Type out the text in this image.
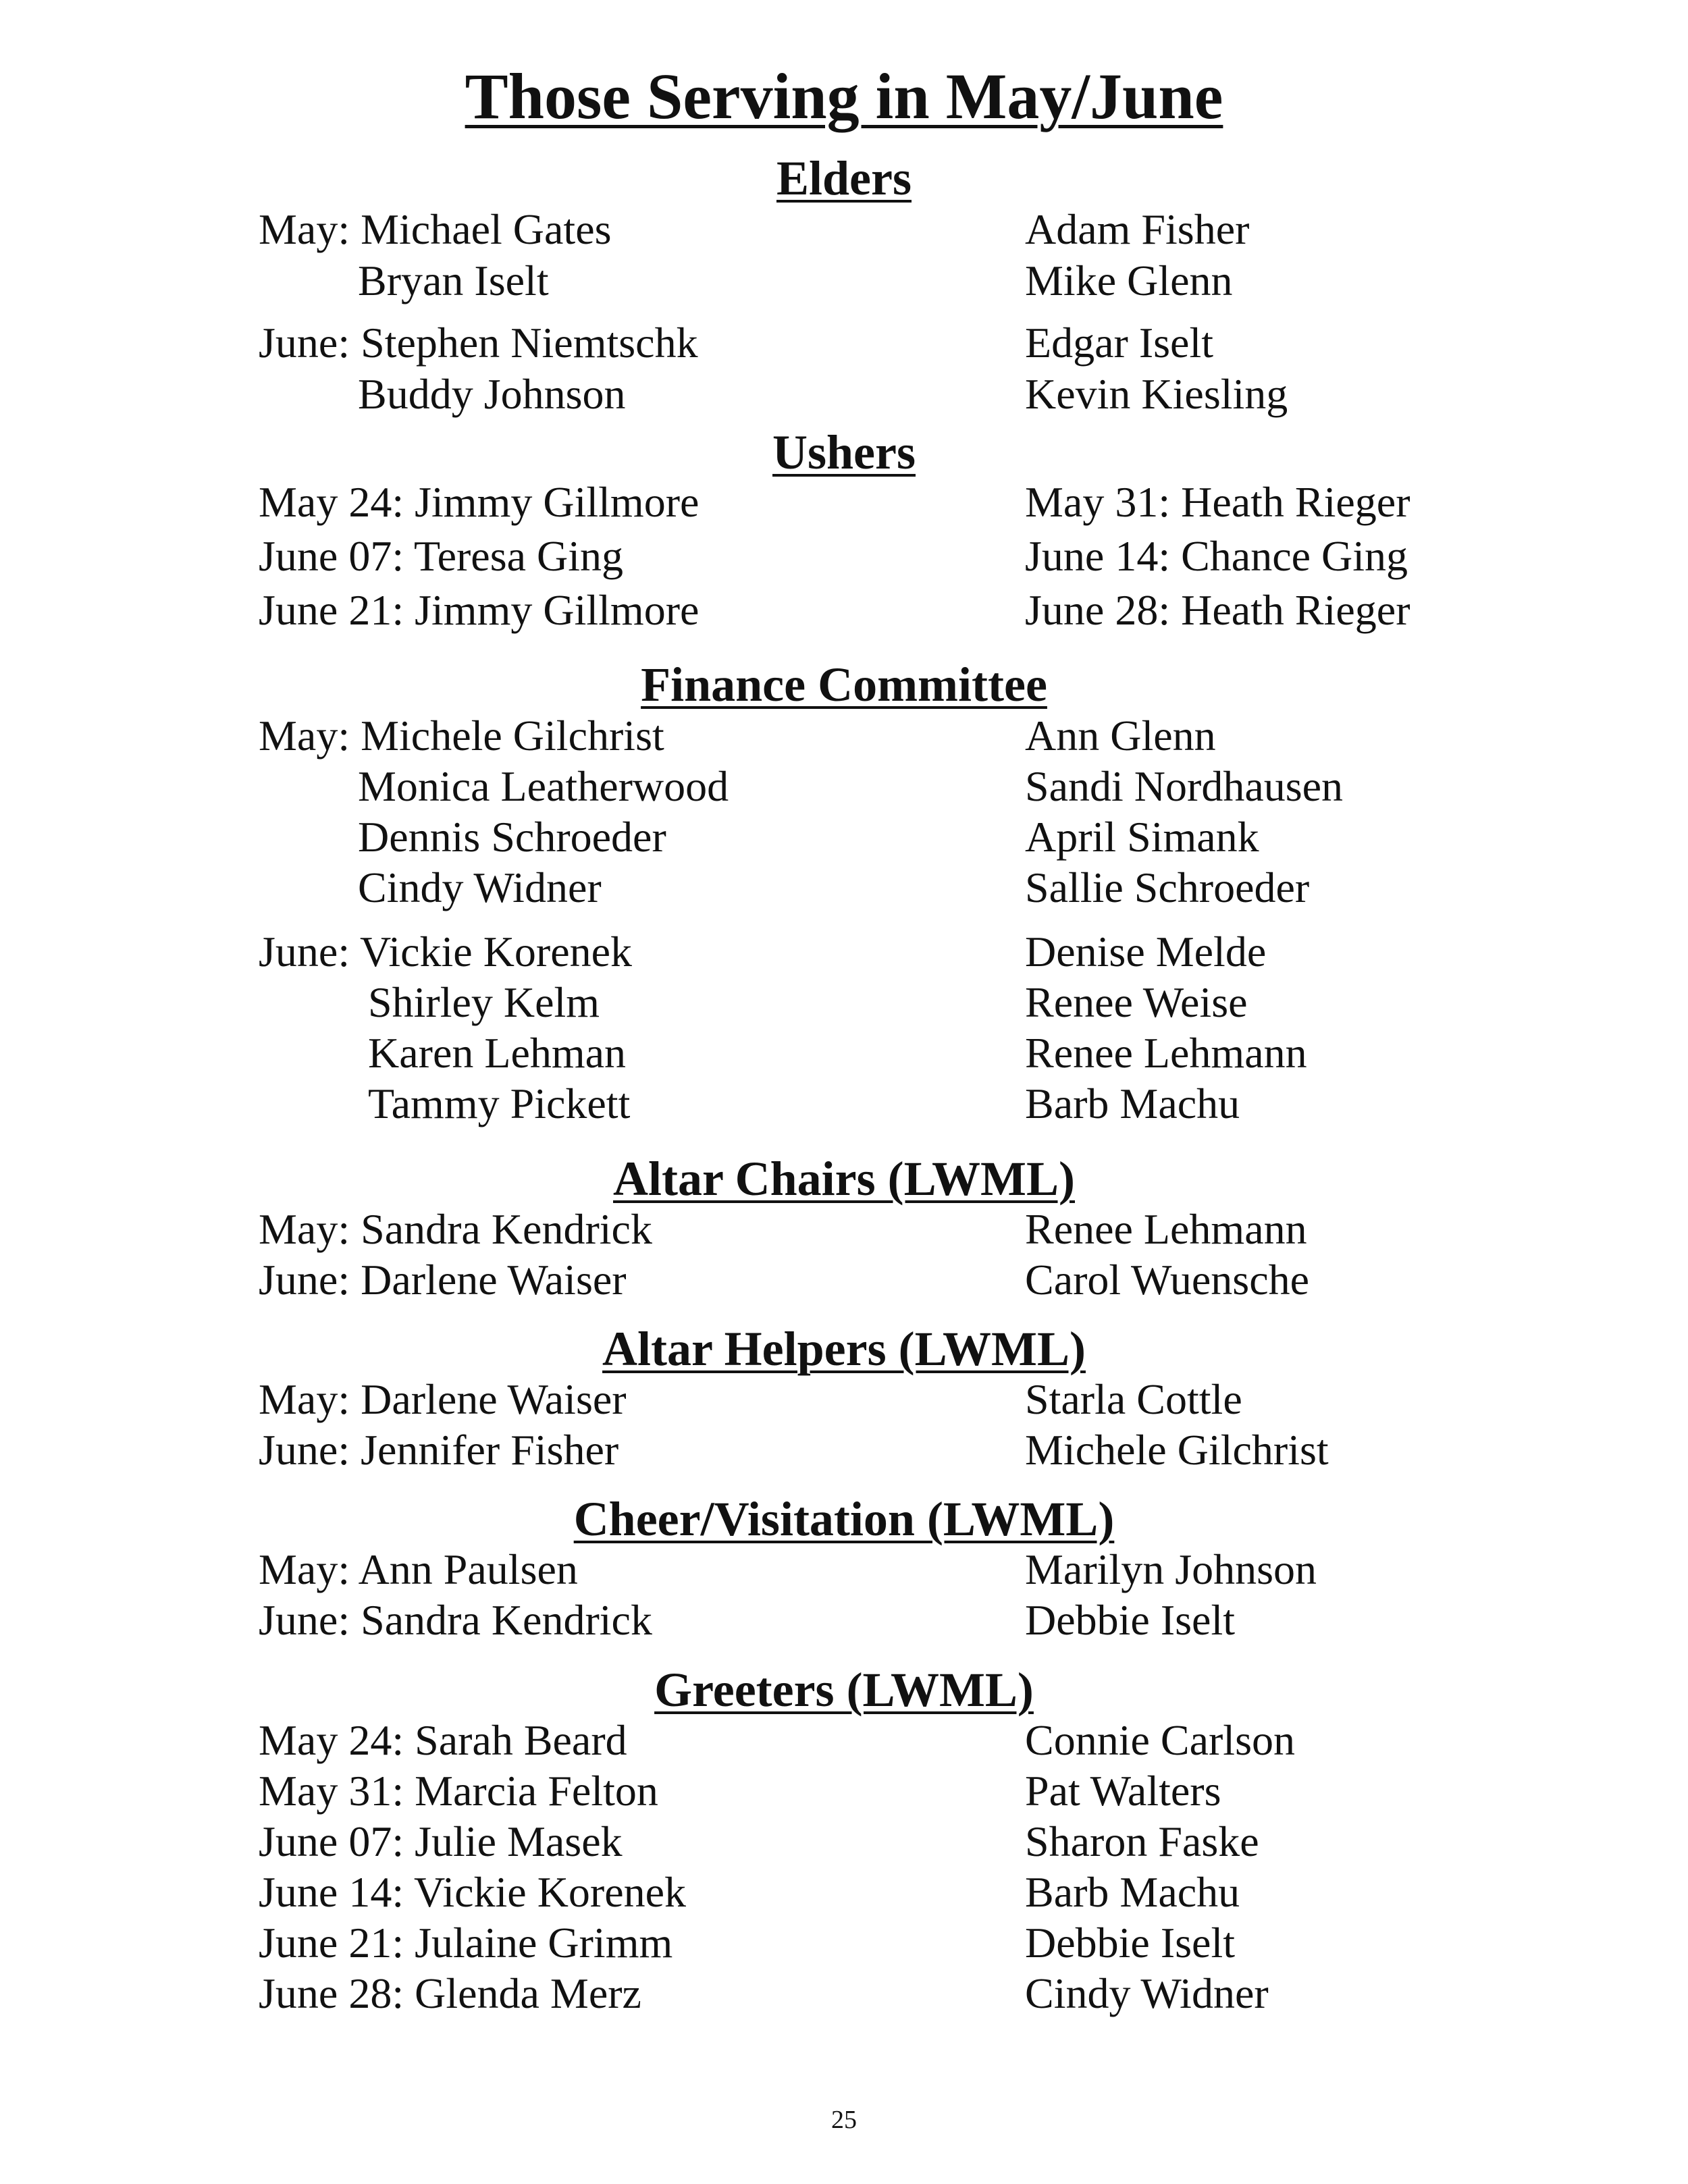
Those Serving in May/June
Elders
May: Michael Gates	Adam Fisher
Bryan Iselt	Mike Glenn
June: Stephen Niemtschk	Edgar Iselt
Buddy Johnson	Kevin Kiesling
Ushers
May 24: Jimmy Gillmore	May 31: Heath Rieger
June 07: Teresa Ging	June 14: Chance Ging
June 21: Jimmy Gillmore	June 28: Heath Rieger
Finance Committee
May: Michele Gilchrist	Ann Glenn
Monica Leatherwood	Sandi Nordhausen
Dennis Schroeder	April Simank
Cindy Widner	Sallie Schroeder
June: Vickie Korenek	Denise Melde
Shirley Kelm	Renee Weise
Karen Lehman	Renee Lehmann
Tammy Pickett	Barb Machu
Altar Chairs (LWML)
May: Sandra Kendrick	Renee Lehmann
June: Darlene Waiser	Carol Wuensche
Altar Helpers (LWML)
May: Darlene Waiser	Starla Cottle
June: Jennifer Fisher	Michele Gilchrist
Cheer/Visitation (LWML)
May: Ann Paulsen	Marilyn Johnson
June: Sandra Kendrick	Debbie Iselt
Greeters (LWML)
May 24: Sarah Beard	Connie Carlson
May 31: Marcia Felton	Pat Walters
June 07: Julie Masek	Sharon Faske
June 14: Vickie Korenek	Barb Machu
June 21: Julaine Grimm	Debbie Iselt
June 28: Glenda Merz	Cindy Widner
25
